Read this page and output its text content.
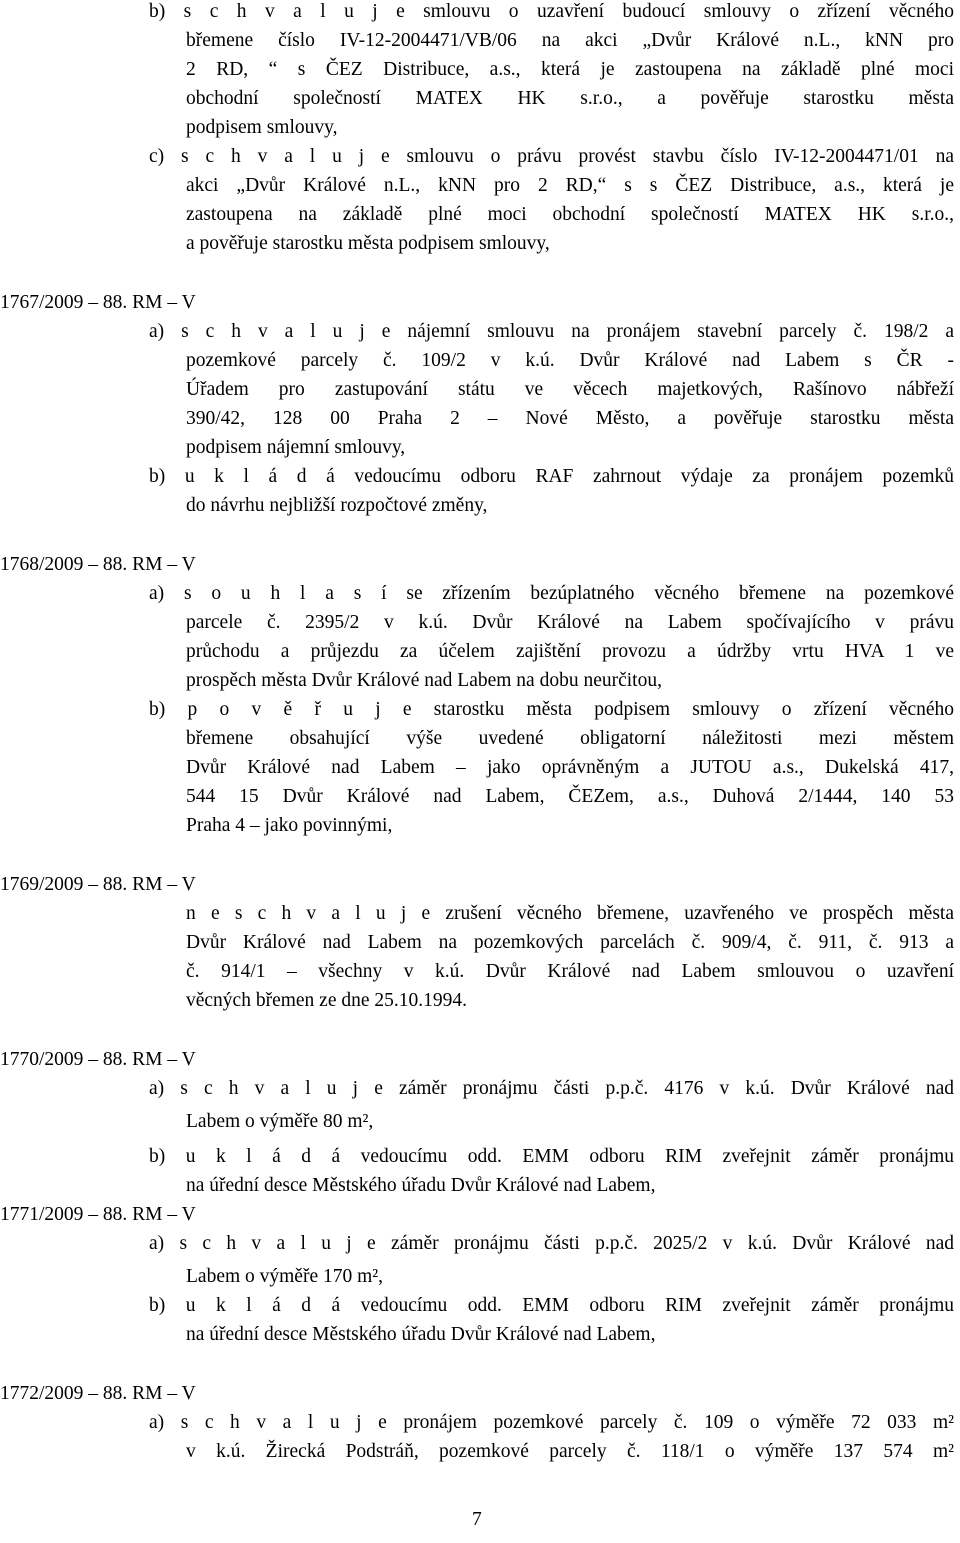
7
b) s c h v a l u j e smlouvu o uzavření budoucí smlouvy o zřízení věcného
břemene číslo IV-12-2004471/VB/06 na akci „Dvůr Králové n.L., kNN pro
2 RD, “ s ČEZ Distribuce, a.s., která je zastoupena na základě plné moci
obchodní společností MATEX HK s.r.o., a pověřuje starostku města
podpisem smlouvy,
c) s c h v a l u j e smlouvu o právu provést stavbu číslo IV-12-2004471/01 na
akci „Dvůr Králové n.L., kNN pro 2 RD,“ s s ČEZ Distribuce, a.s., která je
zastoupena na základě plné moci obchodní společností MATEX HK s.r.o.,
a pověřuje starostku města podpisem smlouvy,
1767/2009 – 88. RM – V
a) s c h v a l u j e nájemní smlouvu na pronájem stavební parcely č. 198/2 a
pozemkové parcely č. 109/2 v k.ú. Dvůr Králové nad Labem s ČR -
Úřadem pro zastupování státu ve věcech majetkových, Rašínovo nábřeží
390/42, 128 00 Praha 2 – Nové Město, a pověřuje starostku města
podpisem nájemní smlouvy,
b) u k l á d á vedoucímu odboru RAF zahrnout výdaje za pronájem pozemků
do návrhu nejbližší rozpočtové změny,
1768/2009 – 88. RM – V
a) s o u h l a s í se zřízením bezúplatného věcného břemene na pozemkové
parcele č. 2395/2 v k.ú. Dvůr Králové na Labem spočívajícího v právu
průchodu a průjezdu za účelem zajištění provozu a údržby vrtu HVA 1 ve
prospěch města Dvůr Králové nad Labem na dobu neurčitou,
b) p o v ě ř u j e starostku města podpisem smlouvy o zřízení věcného
břemene obsahující výše uvedené obligatorní náležitosti mezi městem
Dvůr Králové nad Labem – jako oprávněným a JUTOU a.s., Dukelská 417,
544 15 Dvůr Králové nad Labem, ČEZem, a.s., Duhová 2/1444, 140 53
Praha 4 – jako povinnými,
1769/2009 – 88. RM – V
n e s c h v a l u j e zrušení věcného břemene, uzavřeného ve prospěch města
Dvůr Králové nad Labem na pozemkových parcelách č. 909/4, č. 911, č. 913 a
č. 914/1 – všechny v k.ú. Dvůr Králové nad Labem smlouvou o uzavření
věcných břemen ze dne 25.10.1994.
1770/2009 – 88. RM – V
a) s c h v a l u j e záměr pronájmu části p.p.č. 4176 v k.ú. Dvůr Králové nad
Labem o výměře 80 m²,
b) u k l á d á vedoucímu odd. EMM odboru RIM zveřejnit záměr pronájmu
na úřední desce Městského úřadu Dvůr Králové nad Labem,
1771/2009 – 88. RM – V
a) s c h v a l u j e záměr pronájmu části p.p.č. 2025/2 v k.ú. Dvůr Králové nad
Labem o výměře 170 m²,
b) u k l á d á vedoucímu odd. EMM odboru RIM zveřejnit záměr pronájmu
na úřední desce Městského úřadu Dvůr Králové nad Labem,
1772/2009 – 88. RM – V
a) s c h v a l u j e pronájem pozemkové parcely č. 109 o výměře 72 033 m²
v k.ú. Žirecká Podstráň, pozemkové parcely č. 118/1 o výměře 137 574 m²
